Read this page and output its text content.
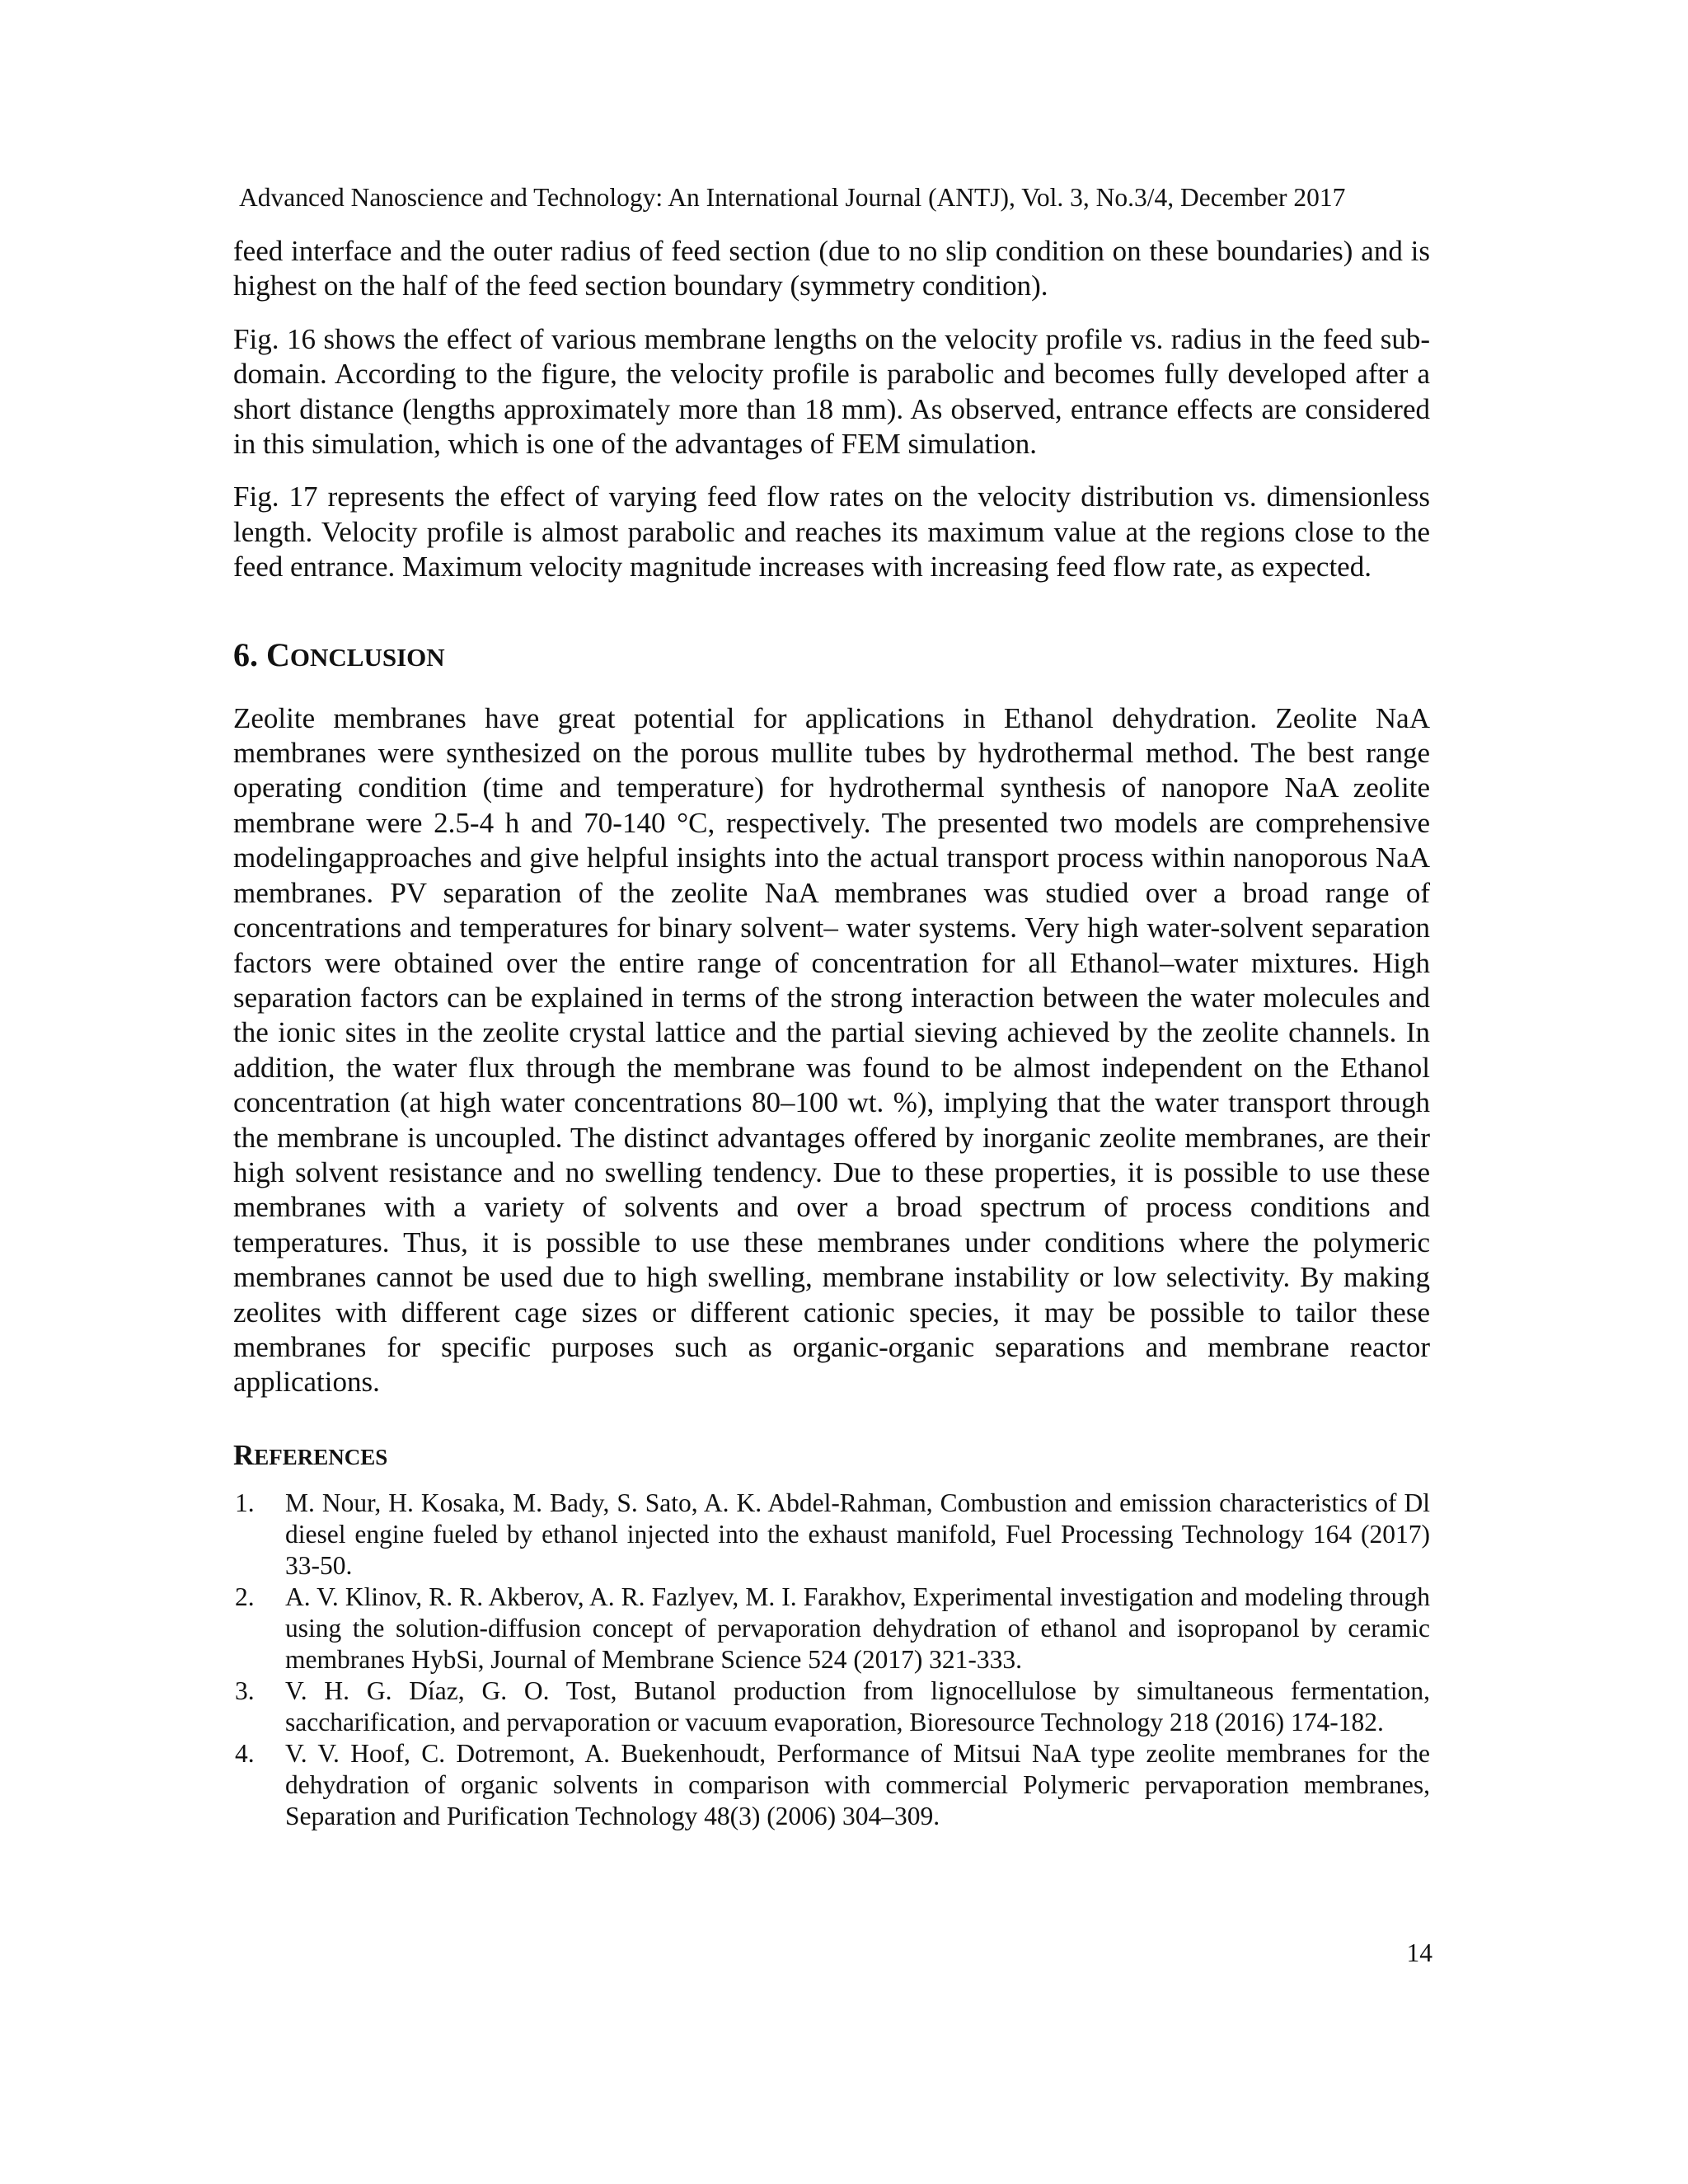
Advanced Nanoscience and Technology: An International Journal (ANTJ), Vol. 3, No.3/4, December 2017

feed interface and the outer radius of feed section (due to no slip condition on these boundaries) and is highest on the half of the feed section boundary (symmetry condition).

Fig. 16 shows the effect of various membrane lengths on the velocity profile vs. radius in the feed sub-domain. According to the figure, the velocity profile is parabolic and becomes fully developed after a short distance (lengths approximately more than 18 mm). As observed, entrance effects are considered in this simulation, which is one of the advantages of FEM simulation.

Fig. 17 represents the effect of varying feed flow rates on the velocity distribution vs. dimensionless length. Velocity profile is almost parabolic and reaches its maximum value at the regions close to the feed entrance. Maximum velocity magnitude increases with increasing feed flow rate, as expected.

6. CONCLUSION

Zeolite membranes have great potential for applications in Ethanol dehydration. Zeolite NaA membranes were synthesized on the porous mullite tubes by hydrothermal method. The best range operating condition (time and temperature) for hydrothermal synthesis of nanopore NaA zeolite membrane were 2.5-4 h and 70-140 °C, respectively. The presented two models are comprehensive modelingapproaches and give helpful insights into the actual transport process within nanoporous NaA membranes. PV separation of the zeolite NaA membranes was studied over a broad range of concentrations and temperatures for binary solvent– water systems. Very high water-solvent separation factors were obtained over the entire range of concentration for all Ethanol–water mixtures. High separation factors can be explained in terms of the strong interaction between the water molecules and the ionic sites in the zeolite crystal lattice and the partial sieving achieved by the zeolite channels. In addition, the water flux through the membrane was found to be almost independent on the Ethanol concentration (at high water concentrations 80–100 wt. %), implying that the water transport through the membrane is uncoupled. The distinct advantages offered by inorganic zeolite membranes, are their high solvent resistance and no swelling tendency. Due to these properties, it is possible to use these membranes with a variety of solvents and over a broad spectrum of process conditions and temperatures. Thus, it is possible to use these membranes under conditions where the polymeric membranes cannot be used due to high swelling, membrane instability or low selectivity. By making zeolites with different cage sizes or different cationic species, it may be possible to tailor these membranes for specific purposes such as organic-organic separations and membrane reactor applications.

REFERENCES
1. M. Nour, H. Kosaka, M. Bady, S. Sato, A. K. Abdel-Rahman, Combustion and emission characteristics of Dl diesel engine fueled by ethanol injected into the exhaust manifold, Fuel Processing Technology 164 (2017) 33-50.
2. A. V. Klinov, R. R. Akberov, A. R. Fazlyev, M. I. Farakhov, Experimental investigation and modeling through using the solution-diffusion concept of pervaporation dehydration of ethanol and isopropanol by ceramic membranes HybSi, Journal of Membrane Science 524 (2017) 321-333.
3. V. H. G. Díaz, G. O. Tost, Butanol production from lignocellulose by simultaneous fermentation, saccharification, and pervaporation or vacuum evaporation, Bioresource Technology 218 (2016) 174-182.
4. V. V. Hoof, C. Dotremont, A. Buekenhoudt, Performance of Mitsui NaA type zeolite membranes for the dehydration of organic solvents in comparison with commercial Polymeric pervaporation membranes, Separation and Purification Technology 48(3) (2006) 304–309.
14
